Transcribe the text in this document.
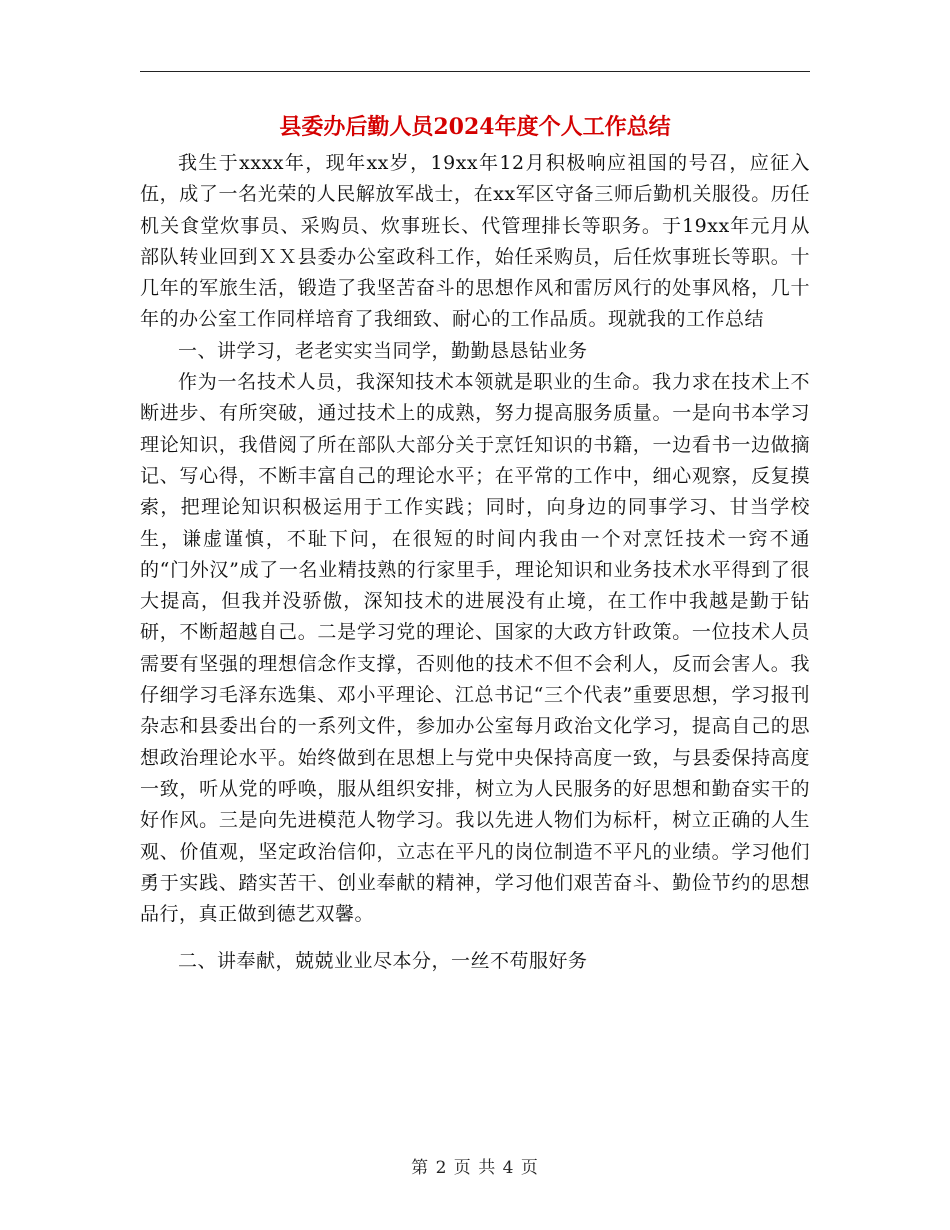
县委办后勤人员2024年度个人工作总结

我生于xxxx年，现年xx岁，19xx年12月积极响应祖国的号召，应征入伍，成了一名光荣的人民解放军战士，在xx军区守备三师后勤机关服役。历任机关食堂炊事员、采购员、炊事班长、代管理排长等职务。于19xx年元月从部队转业回到ＸＸ县委办公室政科工作，始任采购员，后任炊事班长等职。十几年的军旅生活，锻造了我坚苦奋斗的思想作风和雷厉风行的处事风格，几十年的办公室工作同样培育了我细致、耐心的工作品质。现就我的工作总结

一、讲学习，老老实实当同学，勤勤恳恳钻业务

作为一名技术人员，我深知技术本领就是职业的生命。我力求在技术上不断进步、有所突破，通过技术上的成熟，努力提高服务质量。一是向书本学习理论知识，我借阅了所在部队大部分关于烹饪知识的书籍，一边看书一边做摘记、写心得，不断丰富自己的理论水平；在平常的工作中，细心观察，反复摸索，把理论知识积极运用于工作实践；同时，向身边的同事学习、甘当学校生，谦虚谨慎，不耻下问，在很短的时间内我由一个对烹饪技术一窍不通的“门外汉”成了一名业精技熟的行家里手，理论知识和业务技术水平得到了很大提高，但我并没骄傲，深知技术的进展没有止境，在工作中我越是勤于钻研，不断超越自己。二是学习党的理论、国家的大政方针政策。一位技术人员需要有坚强的理想信念作支撑，否则他的技术不但不会利人，反而会害人。我仔细学习毛泽东选集、邓小平理论、江总书记“三个代表”重要思想，学习报刊杂志和县委出台的一系列文件，参加办公室每月政治文化学习，提高自己的思想政治理论水平。始终做到在思想上与党中央保持高度一致，与县委保持高度一致，听从党的呼唤，服从组织安排，树立为人民服务的好思想和勤奋实干的好作风。三是向先进模范人物学习。我以先进人物们为标杆，树立正确的人生观、价值观，坚定政治信仰，立志在平凡的岗位制造不平凡的业绩。学习他们勇于实践、踏实苦干、创业奉献的精神，学习他们艰苦奋斗、勤俭节约的思想品行，真正做到德艺双馨。

二、讲奉献，兢兢业业尽本分，一丝不苟服好务

第 2 页 共 4 页
